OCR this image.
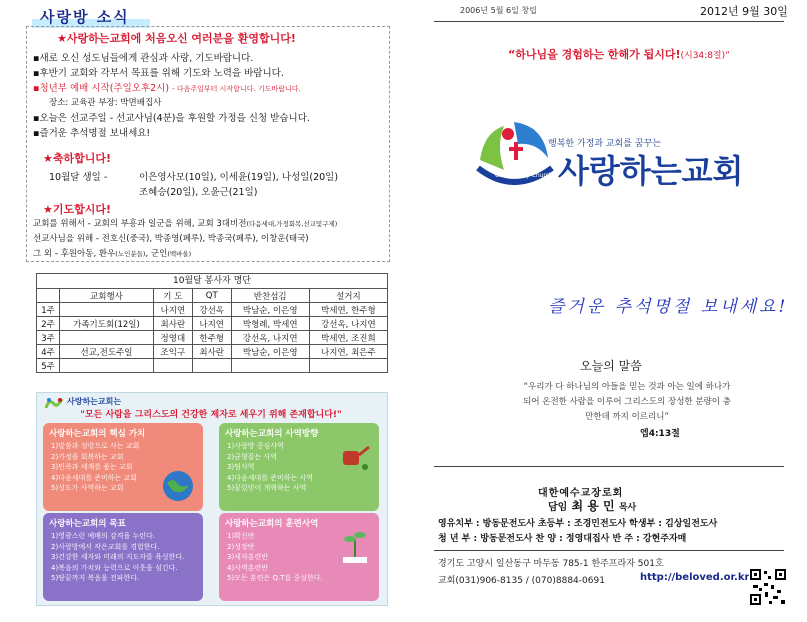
사랑방 소식
★사랑하는교회에 처음오신 여러분을 환영합니다!
▪새로 오신 성도님들에게 관심과 사랑, 기도바랍니다.
▪후반기 교회와 각부서 목표를 위해 기도와 노력을 바랍니다.
▪청년부 예배 시작(주일오후2시) - 다음주일부터 시작합니다. 기도바랍니다.
장소: 교육관 부장: 박면배집사
▪오늘은 선교주일 - 선교사님(4분)을 후원할 가정을 신청 받습니다.
▪즐거운 추석명절 보내세요!
★축하합니다!
10월달 생일 -	이은영사모(10일), 이세윤(19일), 나성일(20일)
조혜승(20일), 오윤근(21일)
★기도합시다!
교회를 위해서 - 교회의 부흥과 일군을 위해, 교회 3대비전(다음세대,가정회복,선교및구제)
선교사님을 위해 - 전호신(중국), 박종영(페루), 박종국(페루), 이창운(태국)
그 외 - 후원아동, 환우(노인분들), 군인(백바울)
10월달 봉사자 명단
	교회행사	기 도	QT	반찬섬김	설거지
1주		나지연	강선옥	박남순, 이은영	박세연, 한주형
2주	가족기도회(12일)	최사란	나지연	박형례, 박세연	강선옥, 나지연
3주		정영대	한주형	강선옥, 나지연	박세연, 조진희
4주	선교,전도주일	조익구	최사란	박남순, 이은영	나지연, 최은주
5주					
사랑하는교회는
"모든 사람을 그리스도의 건강한 제자로 세우기 위해 존재합니다!"
사랑하는교회의 핵심 가치
1)말씀과 성령으로 사는 교회
2)가정을 회복하는 교회
3)민족과 세계를 품는 교회
4)다음세대를 준비하는 교회
5)성도가 사역하는 교회
사랑하는교회의 사역방향
1)사랑방 중심사역
2)균형잡는 사역
3)팀사역
4)다음세대를 준비하는 사역
5)꿈있믿이 개혁하는 사역
사랑하는교회의 목표
1)영광스런 예배의 감격을 누린다.
2)사랑방에서 작은교회를 경험한다.
3)건강한 세자와 미래의 지도자를 육성한다.
4)복음의 가치와 능력으로 이웃을 섬긴다.
5)땅끝까지 복음을 전파한다.
사랑하는교회의 훈련사역
1)확신반
2)성장반
3)제자훈련반
4)사역훈련반
5)모든 훈련은 Q.T를 중심한다.
2006년 5월 6일 창립	2012년 9월 30일
“하나님을 경험하는 한해가 됩시다!(시34:8절)”
Community Church
행복한 가정과 교회를 꿈꾸는
사랑하는교회
즐거운 추석명절 보내세요!
오늘의 말씀
“우리가 다 하나님의 아들을 믿는 것과 아는 일에 하나가 되어 온전한 사람을 이루어 그리스도의 장성한 분량이 충만한데 까지 이르리니”
엡4:13절
대한예수교장로회
담임 최 용 민 목사
영유치부 : 방동문전도사 초등부 : 조경민전도사 학생부 : 김상일전도사
청 년 부 : 방동문전도사 찬 양 : 정영대집사 반 주 : 강현주자매
경기도 고양시 일산동구 마두동 785-1 한주프라자 501호
교회(031)906-8135 / (070)8884-0691	http://beloved.or.kr
